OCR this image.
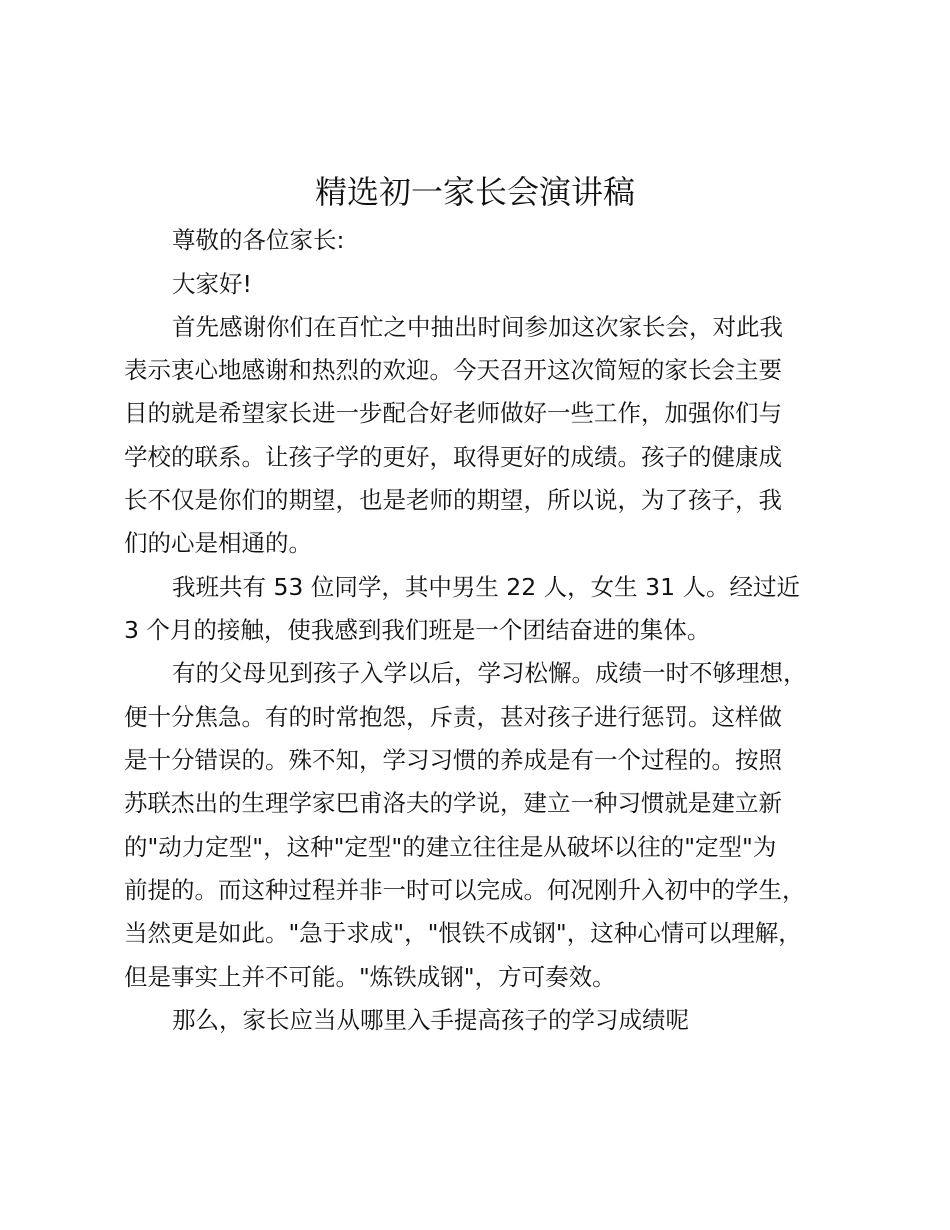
精选初一家长会演讲稿

尊敬的各位家长:

大家好!

首先感谢你们在百忙之中抽出时间参加这次家长会，对此我

表示衷心地感谢和热烈的欢迎。今天召开这次简短的家长会主要

目的就是希望家长进一步配合好老师做好一些工作，加强你们与

学校的联系。让孩子学的更好，取得更好的成绩。孩子的健康成

长不仅是你们的期望，也是老师的期望，所以说，为了孩子，我

们的心是相通的。

我班共有 53 位同学，其中男生 22 人，女生 31 人。经过近

3 个月的接触，使我感到我们班是一个团结奋进的集体。

有的父母见到孩子入学以后，学习松懈。成绩一时不够理想，

便十分焦急。有的时常抱怨，斥责，甚对孩子进行惩罚。这样做

是十分错误的。殊不知，学习习惯的养成是有一个过程的。按照

苏联杰出的生理学家巴甫洛夫的学说，建立一种习惯就是建立新

的"动力定型"，这种"定型"的建立往往是从破坏以往的"定型"为

前提的。而这种过程并非一时可以完成。何况刚升入初中的学生，

当然更是如此。"急于求成"，"恨铁不成钢"，这种心情可以理解，

但是事实上并不可能。"炼铁成钢"，方可奏效。

那么，家长应当从哪里入手提高孩子的学习成绩呢
